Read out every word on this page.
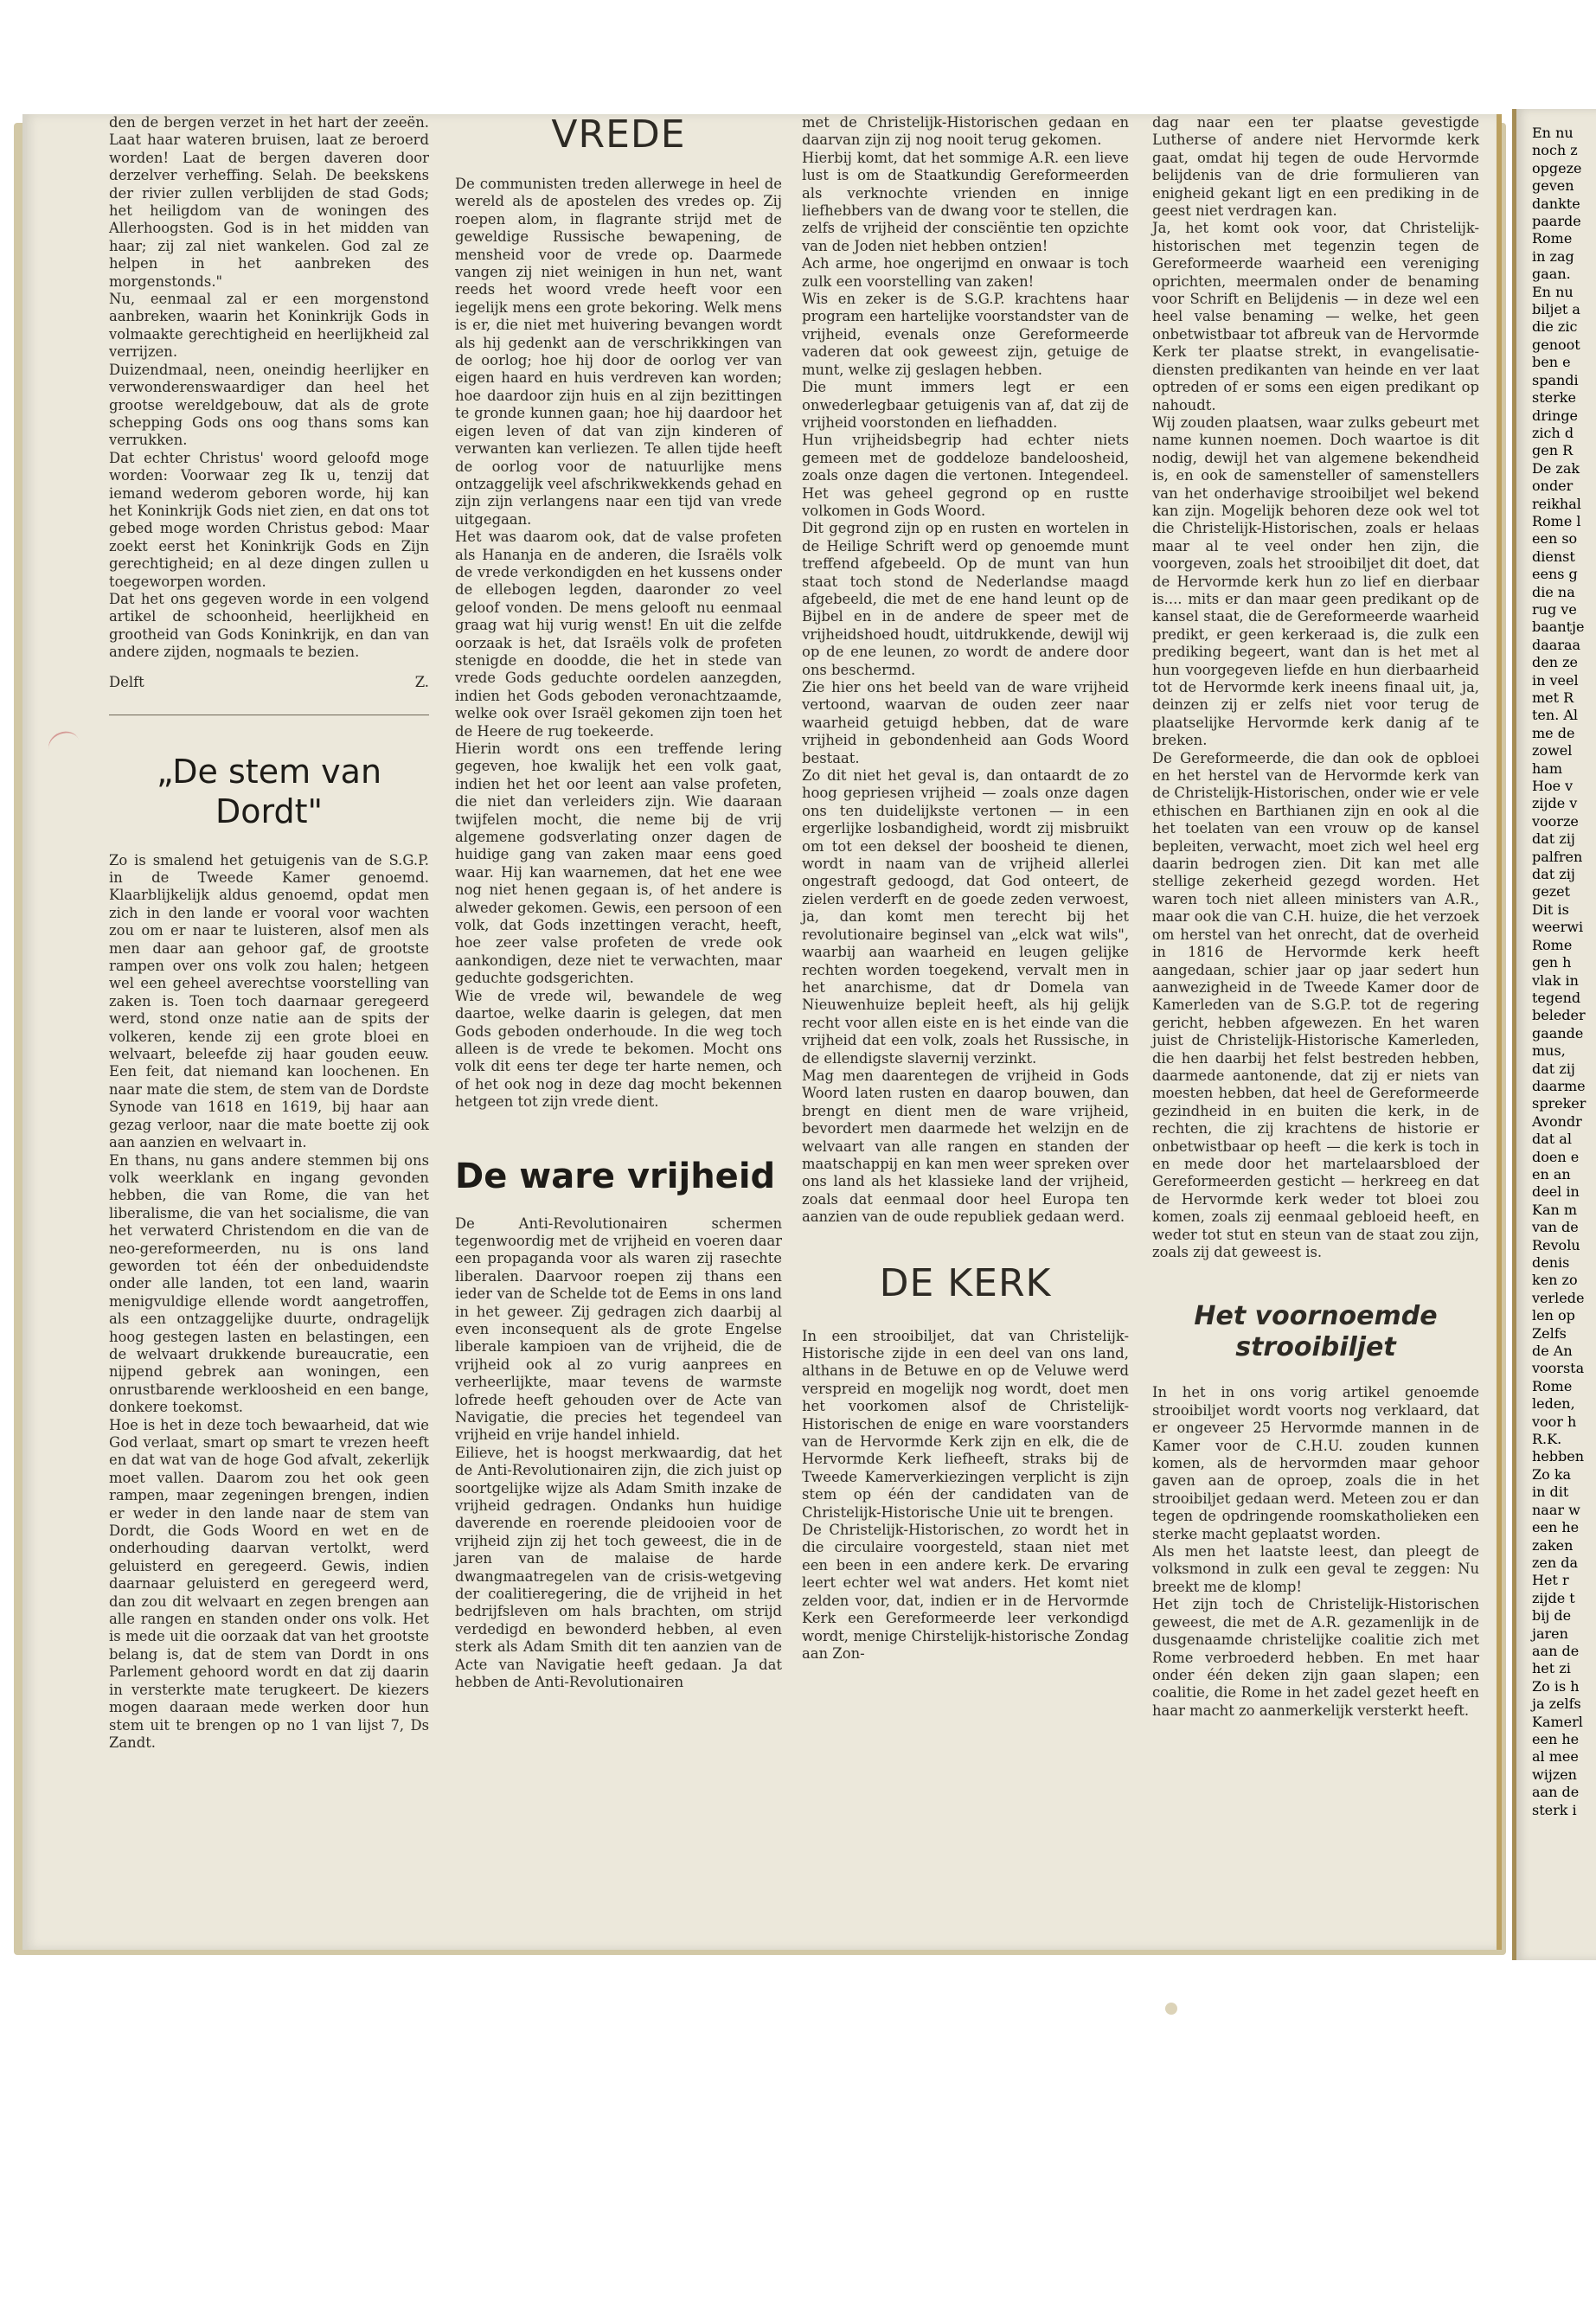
den de bergen verzet in het hart der zeeën. Laat haar wateren bruisen, laat ze beroerd worden! Laat de bergen daveren door derzelver verheffing. Selah. De beekskens der rivier zullen verblijden de stad Gods; het heiligdom van de woningen des Allerhoogsten. God is in het midden van haar; zij zal niet wankelen. God zal ze helpen in het aanbreken des morgenstonds."

Nu, eenmaal zal er een morgenstond aanbreken, waarin het Koninkrijk Gods in volmaakte gerechtigheid en heerlijkheid zal verrijzen.

Duizendmaal, neen, oneindig heerlijker en verwonderenswaardiger dan heel het grootse wereldgebouw, dat als de grote schepping Gods ons oog thans soms kan verrukken.

Dat echter Christus' woord geloofd moge worden: Voorwaar zeg Ik u, tenzij dat iemand wederom geboren worde, hij kan het Koninkrijk Gods niet zien, en dat ons tot gebed moge worden Christus gebod: Maar zoekt eerst het Koninkrijk Gods en Zijn gerechtigheid; en al deze dingen zullen u toegeworpen worden.

Dat het ons gegeven worde in een volgend artikel de schoonheid, heerlijkheid en grootheid van Gods Koninkrijk, en dan van andere zijden, nogmaals te bezien.

Delft	Z.
„De stem van Dordt"

Zo is smalend het getuigenis van de S.G.P. in de Tweede Kamer genoemd. Klaarblijkelijk aldus genoemd, opdat men zich in den lande er vooral voor wachten zou om er naar te luisteren, alsof men als men daar aan gehoor gaf, de grootste rampen over ons volk zou halen; hetgeen wel een geheel averechtse voorstelling van zaken is. Toen toch daarnaar geregeerd werd, stond onze natie aan de spits der volkeren, kende zij een grote bloei en welvaart, beleefde zij haar gouden eeuw. Een feit, dat niemand kan loochenen. En naar mate die stem, de stem van de Dordste Synode van 1618 en 1619, bij haar aan gezag verloor, naar die mate boette zij ook aan aanzien en welvaart in.

En thans, nu gans andere stemmen bij ons volk weerklank en ingang gevonden hebben, die van Rome, die van het liberalisme, die van het socialisme, die van het verwaterd Christendom en die van de neo-gereformeerden, nu is ons land geworden tot één der onbeduidendste onder alle landen, tot een land, waarin menigvuldige ellende wordt aangetroffen, als een ontzaggelijke duurte, ondragelijk hoog gestegen lasten en belastingen, een de welvaart drukkende bureaucratie, een nijpend gebrek aan woningen, een onrustbarende werkloosheid en een bange, donkere toekomst.

Hoe is het in deze toch bewaarheid, dat wie God verlaat, smart op smart te vrezen heeft en dat wat van de hoge God afvalt, zekerlijk moet vallen. Daarom zou het ook geen rampen, maar zegeningen brengen, indien er weder in den lande naar de stem van Dordt, die Gods Woord en wet en de onderhouding daarvan vertolkt, werd geluisterd en geregeerd. Gewis, indien daarnaar geluisterd en geregeerd werd, dan zou dit welvaart en zegen brengen aan alle rangen en standen onder ons volk. Het is mede uit die oorzaak dat van het grootste belang is, dat de stem van Dordt in ons Parlement gehoord wordt en dat zij daarin in versterkte mate terugkeert. De kiezers mogen daaraan mede werken door hun stem uit te brengen op no 1 van lijst 7, Ds Zandt.

VREDE

De communisten treden allerwege in heel de wereld als de apostelen des vredes op. Zij roepen alom, in flagrante strijd met de geweldige Russische bewapening, de mensheid voor de vrede op. Daarmede vangen zij niet weinigen in hun net, want reeds het woord vrede heeft voor een iegelijk mens een grote bekoring. Welk mens is er, die niet met huivering bevangen wordt als hij gedenkt aan de verschrikkingen van de oorlog; hoe hij door de oorlog ver van eigen haard en huis verdreven kan worden; hoe daardoor zijn huis en al zijn bezittingen te gronde kunnen gaan; hoe hij daardoor het eigen leven of dat van zijn kinderen of verwanten kan verliezen. Te allen tijde heeft de oorlog voor de natuurlijke mens ontzaggelijk veel afschrikwekkends gehad en zijn zijn verlangens naar een tijd van vrede uitgegaan.

Het was daarom ook, dat de valse profeten als Hananja en de anderen, die Israëls volk de vrede verkondigden en het kussens onder de ellebogen legden, daaronder zo veel geloof vonden. De mens gelooft nu eenmaal graag wat hij vurig wenst! En uit die zelfde oorzaak is het, dat Israëls volk de profeten stenigde en doodde, die het in stede van vrede Gods geduchte oordelen aanzegden, indien het Gods geboden veronachtzaamde, welke ook over Israël gekomen zijn toen het de Heere de rug toekeerde.

Hierin wordt ons een treffende lering gegeven, hoe kwalijk het een volk gaat, indien het het oor leent aan valse profeten, die niet dan verleiders zijn. Wie daaraan twijfelen mocht, die neme bij de vrij algemene godsverlating onzer dagen de huidige gang van zaken maar eens goed waar. Hij kan waarnemen, dat het ene wee nog niet henen gegaan is, of het andere is alweder gekomen. Gewis, een persoon of een volk, dat Gods inzettingen veracht, heeft, hoe zeer valse profeten de vrede ook aankondigen, deze niet te verwachten, maar geduchte godsgerichten.

Wie de vrede wil, bewandele de weg daartoe, welke daarin is gelegen, dat men Gods geboden onderhoude. In die weg toch alleen is de vrede te bekomen. Mocht ons volk dit eens ter dege ter harte nemen, och of het ook nog in deze dag mocht bekennen hetgeen tot zijn vrede dient.

De ware vrijheid

De Anti-Revolutionairen schermen tegenwoordig met de vrijheid en voeren daar een propaganda voor als waren zij rasechte liberalen. Daarvoor roepen zij thans een ieder van de Schelde tot de Eems in ons land in het geweer. Zij gedragen zich daarbij al even inconsequent als de grote Engelse liberale kampioen van de vrijheid, die de vrijheid ook al zo vurig aanprees en verheerlijkte, maar tevens de warmste lofrede heeft gehouden over de Acte van Navigatie, die precies het tegendeel van vrijheid en vrije handel inhield.

Eilieve, het is hoogst merkwaardig, dat het de Anti-Revolutionairen zijn, die zich juist op soortgelijke wijze als Adam Smith inzake de vrijheid gedragen. Ondanks hun huidige daverende en roerende pleidooien voor de vrijheid zijn zij het toch geweest, die in de jaren van de malaise de harde dwangmaatregelen van de crisis-wetgeving der coalitieregering, die de vrijheid in het bedrijfsleven om hals brachten, om strijd verdedigd en bewonderd hebben, al even sterk als Adam Smith dit ten aanzien van de Acte van Navigatie heeft gedaan. Ja dat hebben de Anti-Revolutionairen

met de Christelijk-Historischen gedaan en daarvan zijn zij nog nooit terug gekomen.

Hierbij komt, dat het sommige A.R. een lieve lust is om de Staatkundig Gereformeerden als verknochte vrienden en innige liefhebbers van de dwang voor te stellen, die zelfs de vrijheid der consciëntie ten opzichte van de Joden niet hebben ontzien!

Ach arme, hoe ongerijmd en onwaar is toch zulk een voorstelling van zaken!

Wis en zeker is de S.G.P. krachtens haar program een hartelijke voorstandster van de vrijheid, evenals onze Gereformeerde vaderen dat ook geweest zijn, getuige de munt, welke zij geslagen hebben.

Die munt immers legt er een onwederlegbaar getuigenis van af, dat zij de vrijheid voorstonden en liefhadden.

Hun vrijheidsbegrip had echter niets gemeen met de goddeloze bandeloosheid, zoals onze dagen die vertonen. Integendeel. Het was geheel gegrond op en rustte volkomen in Gods Woord.

Dit gegrond zijn op en rusten en wortelen in de Heilige Schrift werd op genoemde munt treffend afgebeeld. Op de munt van hun staat toch stond de Nederlandse maagd afgebeeld, die met de ene hand leunt op de Bijbel en in de andere de speer met de vrijheidshoed houdt, uitdrukkende, dewijl wij op de ene leunen, zo wordt de andere door ons beschermd.

Zie hier ons het beeld van de ware vrijheid vertoond, waarvan de ouden zeer naar waarheid getuigd hebben, dat de ware vrijheid in gebondenheid aan Gods Woord bestaat.

Zo dit niet het geval is, dan ontaardt de zo hoog gepriesen vrijheid — zoals onze dagen ons ten duidelijkste vertonen — in een ergerlijke losbandigheid, wordt zij misbruikt om tot een deksel der boosheid te dienen, wordt in naam van de vrijheid allerlei ongestraft gedoogd, dat God onteert, de zielen verderft en de goede zeden verwoest, ja, dan komt men terecht bij het revolutionaire beginsel van „elck wat wils", waarbij aan waarheid en leugen gelijke rechten worden toegekend, vervalt men in het anarchisme, dat dr Domela van Nieuwenhuize bepleit heeft, als hij gelijk recht voor allen eiste en is het einde van die vrijheid dat een volk, zoals het Russische, in de ellendigste slavernij verzinkt.

Mag men daarentegen de vrijheid in Gods Woord laten rusten en daarop bouwen, dan brengt en dient men de ware vrijheid, bevordert men daarmede het welzijn en de welvaart van alle rangen en standen der maatschappij en kan men weer spreken over ons land als het klassieke land der vrijheid, zoals dat eenmaal door heel Europa ten aanzien van de oude republiek gedaan werd.

DE KERK

In een strooibiljet, dat van Christelijk-Historische zijde in een deel van ons land, althans in de Betuwe en op de Veluwe werd verspreid en mogelijk nog wordt, doet men het voorkomen alsof de Christelijk-Historischen de enige en ware voorstanders van de Hervormde Kerk zijn en elk, die de Hervormde Kerk liefheeft, straks bij de Tweede Kamerverkiezingen verplicht is zijn stem op één der candidaten van de Christelijk-Historische Unie uit te brengen.

De Christelijk-Historischen, zo wordt het in die circulaire voorgesteld, staan niet met een been in een andere kerk. De ervaring leert echter wel wat anders. Het komt niet zelden voor, dat, indien er in de Hervormde Kerk een Gereformeerde leer verkondigd wordt, menige Chirstelijk-historische Zondag aan Zon-

dag naar een ter plaatse gevestigde Lutherse of andere niet Hervormde kerk gaat, omdat hij tegen de oude Hervormde belijdenis van de drie formulieren van enigheid gekant ligt en een prediking in de geest niet verdragen kan.

Ja, het komt ook voor, dat Christelijk-historischen met tegenzin tegen de Gereformeerde waarheid een vereniging oprichten, meermalen onder de benaming voor Schrift en Belijdenis — in deze wel een heel valse benaming — welke, het geen onbetwistbaar tot afbreuk van de Hervormde Kerk ter plaatse strekt, in evangelisatie-diensten predikanten van heinde en ver laat optreden of er soms een eigen predikant op nahoudt.

Wij zouden plaatsen, waar zulks gebeurt met name kunnen noemen. Doch waartoe is dit nodig, dewijl het van algemene bekendheid is, en ook de samensteller of samenstellers van het onderhavige strooibiljet wel bekend kan zijn. Mogelijk behoren deze ook wel tot die Christelijk-Historischen, zoals er helaas maar al te veel onder hen zijn, die voorgeven, zoals het strooibiljet dit doet, dat de Hervormde kerk hun zo lief en dierbaar is.... mits er dan maar geen predikant op de kansel staat, die de Gereformeerde waarheid predikt, er geen kerkeraad is, die zulk een prediking begeert, want dan is het met al hun voorgegeven liefde en hun dierbaarheid tot de Hervormde kerk ineens finaal uit, ja, deinzen zij er zelfs niet voor terug de plaatselijke Hervormde kerk danig af te breken.

De Gereformeerde, die dan ook de opbloei en het herstel van de Hervormde kerk van de Christelijk-Historischen, onder wie er vele ethischen en Barthianen zijn en ook al die het toelaten van een vrouw op de kansel bepleiten, verwacht, moet zich wel heel erg daarin bedrogen zien. Dit kan met alle stellige zekerheid gezegd worden. Het waren toch niet alleen ministers van A.R., maar ook die van C.H. huize, die het verzoek om herstel van het onrecht, dat de overheid in 1816 de Hervormde kerk heeft aangedaan, schier jaar op jaar sedert hun aanwezigheid in de Tweede Kamer door de Kamerleden van de S.G.P. tot de regering gericht, hebben afgewezen. En het waren juist de Christelijk-Historische Kamerleden, die hen daarbij het felst bestreden hebben, daarmede aantonende, dat zij er niets van moesten hebben, dat heel de Gereformeerde gezindheid in en buiten die kerk, in de rechten, die zij krachtens de historie er onbetwistbaar op heeft — die kerk is toch in en mede door het martelaarsbloed der Gereformeerden gesticht — herkreeg en dat de Hervormde kerk weder tot bloei zou komen, zoals zij eenmaal gebloeid heeft, en weder tot stut en steun van de staat zou zijn, zoals zij dat geweest is.

Het voornoemde strooibiljet

In het in ons vorig artikel genoemde strooibiljet wordt voorts nog verklaard, dat er ongeveer 25 Hervormde mannen in de Kamer voor de C.H.U. zouden kunnen komen, als de hervormden maar gehoor gaven aan de oproep, zoals die in het strooibiljet gedaan werd. Meteen zou er dan tegen de opdringende roomskatholieken een sterke macht geplaatst worden.

Als men het laatste leest, dan pleegt de volksmond in zulk een geval te zeggen: Nu breekt me de klomp!

Het zijn toch de Christelijk-Historischen geweest, die met de A.R. gezamenlijk in de dusgenaamde christelijke coalitie zich met Rome verbroederd hebben. En met haar onder één deken zijn gaan slapen; een coalitie, die Rome in het zadel gezet heeft en haar macht zo aanmerkelijk versterkt heeft.

En nu

noch z

opgeze

geven

dankte

paarde

Rome

in zag

gaan.

En nu

biljet a

die zic

genoot

ben e

spandi

sterke

dringe

zich d

gen R

De zak

onder

reikhal

Rome l

een so

dienst

eens g

die na

rug ve

baantje

daaraa

den ze

in veel

met R

ten. Al

me de

zowel

ham

Hoe v

zijde v

voorze

dat zij

palfren

dat zij

gezet

Dit is

weerwi

Rome

gen h

vlak in

tegend

beleder

gaande

mus,

dat zij

daarme

spreker

Avondr

dat al

doen e

en an

deel in

Kan m

van de

Revolu

denis

ken zo

verlede

len op

Zelfs

de An

voorsta

Rome

leden,

voor h

R.K.

hebben

Zo ka

in dit

naar w

een he

zaken

zen da

Het r

zijde t

bij de

jaren

aan de

het zi

Zo is h

ja zelfs

Kamerl

een he

al mee

wijzen

aan de

sterk i
